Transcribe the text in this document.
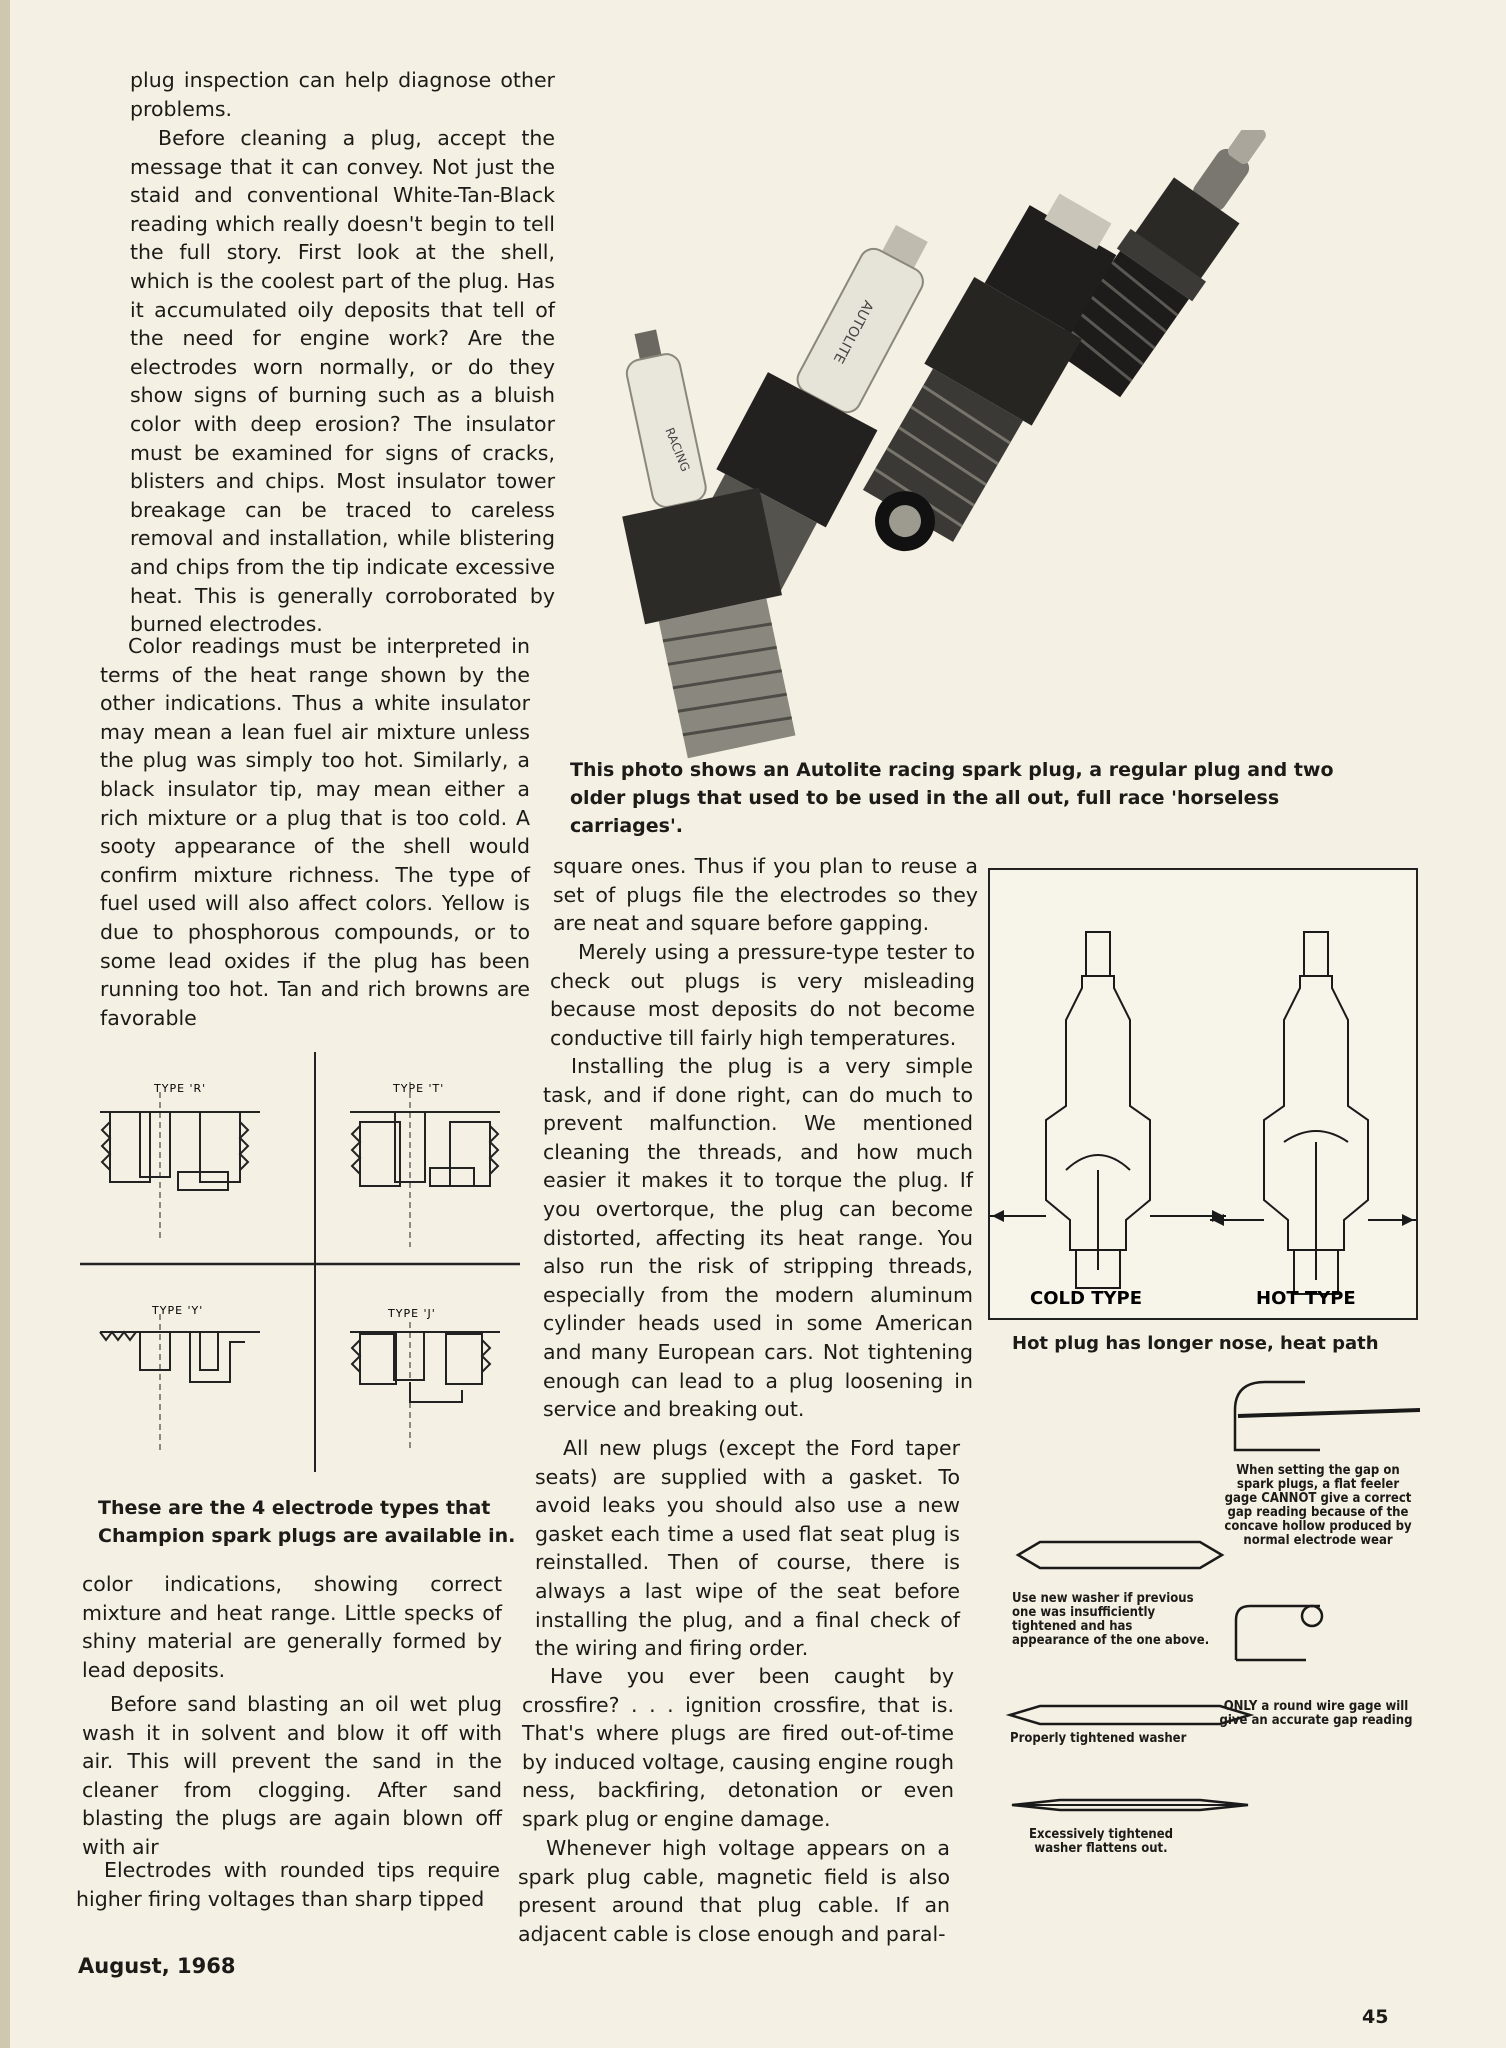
plug inspection can help diagnose other problems.

Before cleaning a plug, accept the message that it can convey. Not just the staid and conventional White-Tan-Black reading which really doesn't begin to tell the full story. First look at the shell, which is the coolest part of the plug. Has it accumulated oily deposits that tell of the need for engine work? Are the electrodes worn normally, or do they show signs of burning such as a bluish color with deep erosion? The insulator must be examined for signs of cracks, blisters and chips. Most insulator tower breakage can be traced to careless removal and installation, while blistering and chips from the tip indicate excessive heat. This is generally corroborated by burned electrodes.

Color readings must be interpreted in terms of the heat range shown by the other indications. Thus a white insulator may mean a lean fuel air mixture unless the plug was simply too hot. Similarly, a black insulator tip, may mean either a rich mixture or a plug that is too cold. A sooty appearance of the shell would confirm mixture richness. The type of fuel used will also affect colors. Yellow is due to phosphorous compounds, or to some lead oxides if the plug has been running too hot. Tan and rich browns are favorable

TYPE 'R'	TYPE 'T'
TYPE 'Y'	TYPE 'J'

These are the 4 electrode types that Champion spark plugs are available in.

color indications, showing correct mixture and heat range. Little specks of shiny material are generally formed by lead deposits.

Before sand blasting an oil wet plug wash it in solvent and blow it off with air. This will prevent the sand in the cleaner from clogging. After sand blasting the plugs are again blown off with air

Electrodes with rounded tips require higher firing voltages than sharp tipped

AUTOLITE
RACING

This photo shows an Autolite racing spark plug, a regular plug and two older plugs that used to be used in the all out, full race 'horseless carriages'.

square ones. Thus if you plan to reuse a set of plugs file the electrodes so they are neat and square before gapping.

Merely using a pressure-type tester to check out plugs is very misleading because most deposits do not become conductive till fairly high temperatures.

Installing the plug is a very simple task, and if done right, can do much to prevent malfunction. We mentioned cleaning the threads, and how much easier it makes it to torque the plug. If you overtorque, the plug can become distorted, affecting its heat range. You also run the risk of stripping threads, especially from the modern aluminum cylinder heads used in some American and many European cars. Not tightening enough can lead to a plug loosening in service and breaking out.

All new plugs (except the Ford taper seats) are supplied with a gasket. To avoid leaks you should also use a new gasket each time a used flat seat plug is reinstalled. Then of course, there is always a last wipe of the seat before installing the plug, and a final check of the wiring and firing order.

Have you ever been caught by crossfire? . . . ignition crossfire, that is. That's where plugs are fired out-of-time by induced voltage, causing engine rough ness, backfiring, detonation or even spark plug or engine damage.

Whenever high voltage appears on a spark plug cable, magnetic field is also present around that plug cable. If an adjacent cable is close enough and paral-

COLD TYPE	HOT TYPE

Hot plug has longer nose, heat path

When setting the gap on spark plugs, a flat feeler gage CANNOT give a correct gap reading because of the concave hollow produced by normal electrode wear

Use new washer if previous one was insufficiently tightened and has appearance of the one above.

ONLY a round wire gage will give an accurate gap reading

Properly tightened washer

Excessively tightened washer flattens out.

August, 1968
45
